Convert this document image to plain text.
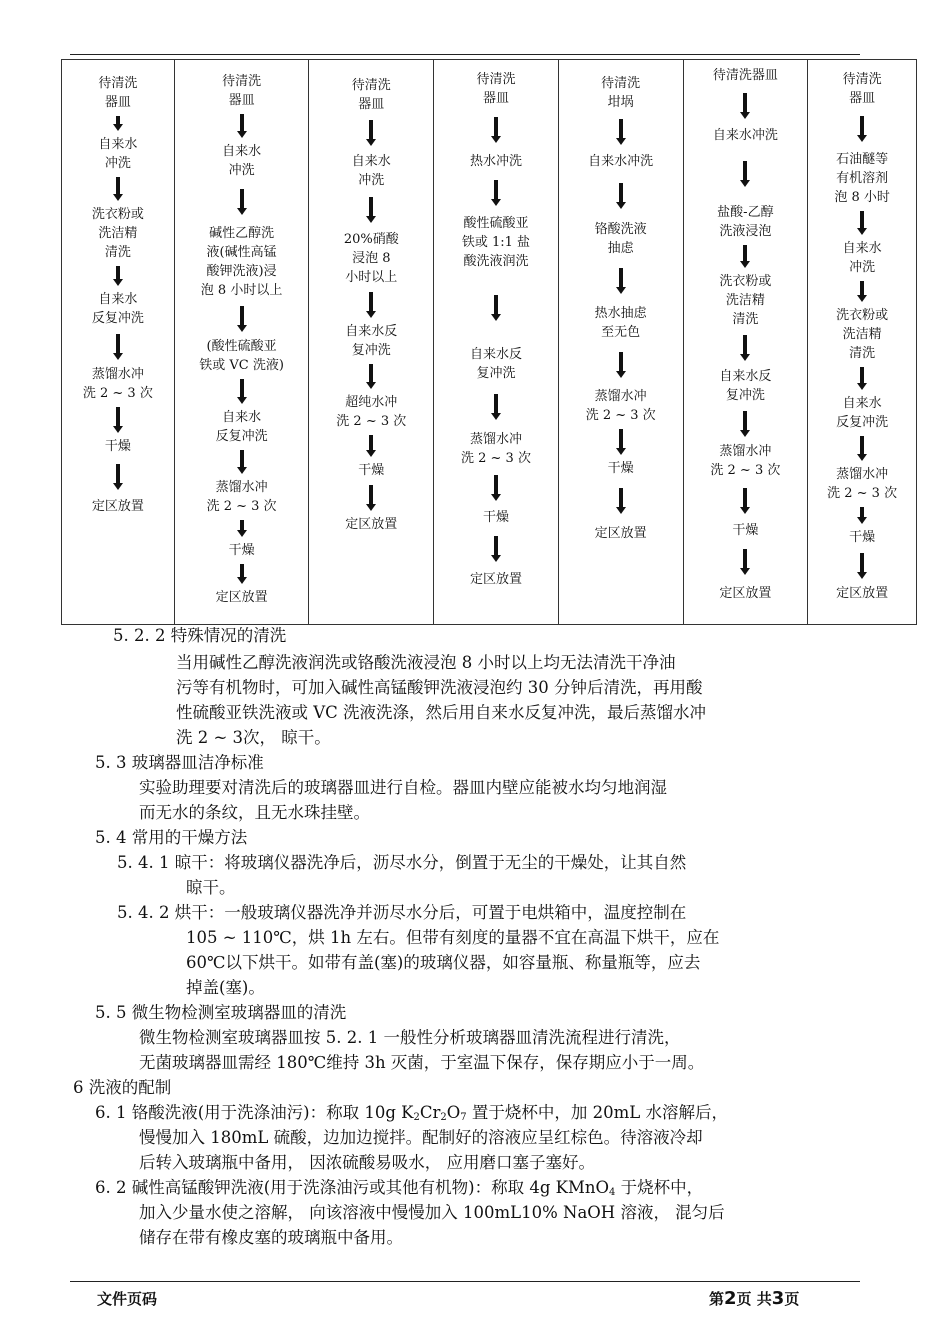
待清洗
器皿
自来水
冲洗
洗衣粉或
洗洁精
清洗
自来水
反复冲洗
蒸馏水冲
洗 2 ~ 3 次
干燥
定区放置
待清洗
器皿
自来水
冲洗
碱性乙醇洗
液(碱性高锰
酸钾洗液)浸
泡 8 小时以上
(酸性硫酸亚
铁或 VC 洗液)
自来水
反复冲洗
蒸馏水冲
洗 2 ~ 3 次
干燥
定区放置
待清洗
器皿
自来水
冲洗
20%硝酸
浸泡 8
小时以上
自来水反
复冲洗
超纯水冲
洗 2 ~ 3 次
干燥
定区放置
待清洗
器皿
热水冲洗
酸性硫酸亚
铁或 1:1 盐
酸洗液润洗
自来水反
复冲洗
蒸馏水冲
洗 2 ~ 3 次
干燥
定区放置
待清洗
坩埚
自来水冲洗
铬酸洗液
抽虑
热水抽虑
至无色
蒸馏水冲
洗 2 ~ 3 次
干燥
定区放置
待清洗器皿
自来水冲洗
盐酸-乙醇
洗液浸泡
洗衣粉或
洗洁精
清洗
自来水反
复冲洗
蒸馏水冲
洗 2 ~ 3 次
干燥
定区放置
待清洗
器皿
石油醚等
有机溶剂
泡 8 小时
自来水
冲洗
洗衣粉或
洗洁精
清洗
自来水
反复冲洗
蒸馏水冲
洗 2 ~ 3 次
干燥
定区放置
5. 2. 2 特殊情况的清洗
当用碱性乙醇洗液润洗或铬酸洗液浸泡 8 小时以上均无法清洗干净油
污等有机物时，可加入碱性高锰酸钾洗液浸泡约 30 分钟后清洗，再用酸
性硫酸亚铁洗液或 VC 洗液洗涤，然后用自来水反复冲洗，最后蒸馏水冲
洗 2 ~ 3次， 晾干。
5. 3 玻璃器皿洁净标准
实验助理要对清洗后的玻璃器皿进行自检。器皿内壁应能被水均匀地润湿
而无水的条纹，且无水珠挂壁。
5. 4 常用的干燥方法
5. 4. 1 晾干：将玻璃仪器洗净后，沥尽水分，倒置于无尘的干燥处，让其自然
晾干。
5. 4. 2 烘干：一般玻璃仪器洗净并沥尽水分后，可置于电烘箱中，温度控制在
105 ~ 110℃，烘 1h 左右。但带有刻度的量器不宜在高温下烘干，应在
60℃以下烘干。如带有盖(塞)的玻璃仪器，如容量瓶、称量瓶等，应去
掉盖(塞)。
5. 5 微生物检测室玻璃器皿的清洗
微生物检测室玻璃器皿按 5. 2. 1 一般性分析玻璃器皿清洗流程进行清洗，
无菌玻璃器皿需经 180℃维持 3h 灭菌，于室温下保存，保存期应小于一周。
6 洗液的配制
6. 1 铬酸洗液(用于洗涤油污)：称取 10g $K_2Cr_2O_7$ 置于烧杯中，加 20mL 水溶解后，
慢慢加入 180mL 硫酸，边加边搅拌。配制好的溶液应呈红棕色。待溶液冷却
后转入玻璃瓶中备用， 因浓硫酸易吸水， 应用磨口塞子塞好。
6. 2 碱性高锰酸钾洗液(用于洗涤油污或其他有机物)：称取 4g KMnO$_4$ 于烧杯中，
加入少量水使之溶解， 向该溶液中慢慢加入 100mL10% NaOH 溶液， 混匀后
储存在带有橡皮塞的玻璃瓶中备用。
文件页码	第2页 共3页
